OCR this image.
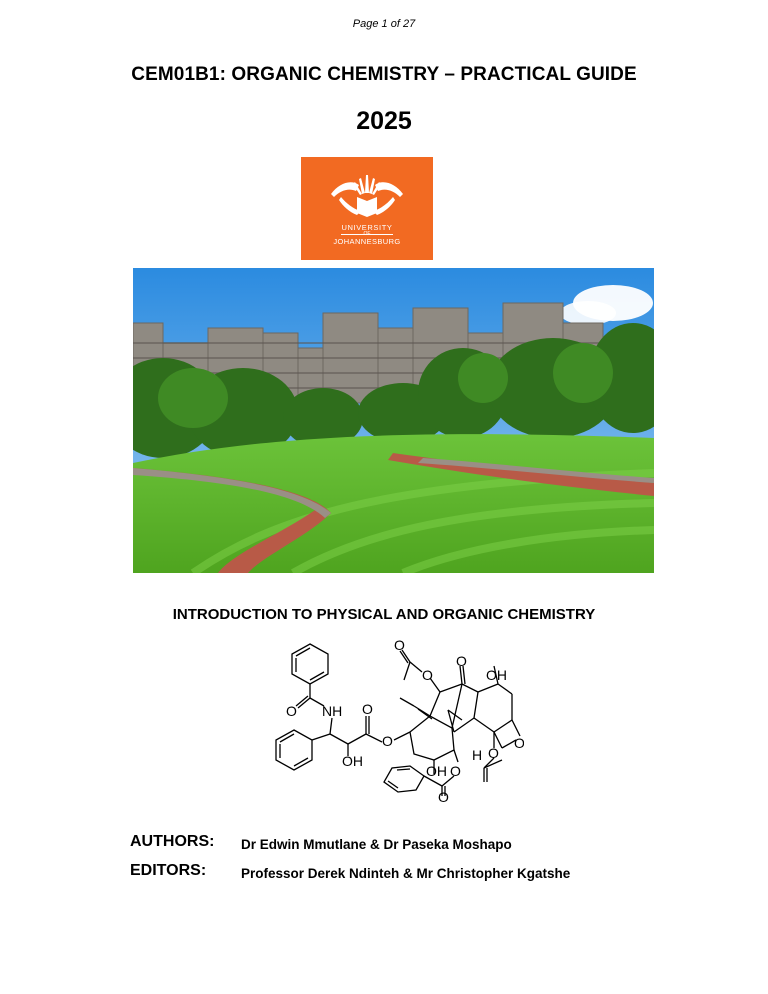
Page 1 of 27
CEM01B1: ORGANIC CHEMISTRY – PRACTICAL GUIDE
2025
UNIVERSITY
OF
JOHANNESBURG
INTRODUCTION TO PHYSICAL AND ORGANIC CHEMISTRY
O
O	OH
O
NH
O	O
H
O	O
OH O
OH	O
O
AUTHORS: Dr Edwin Mmutlane & Dr Paseka Moshapo
EDITORS:	Professor Derek Ndinteh & Mr Christopher Kgatshe
